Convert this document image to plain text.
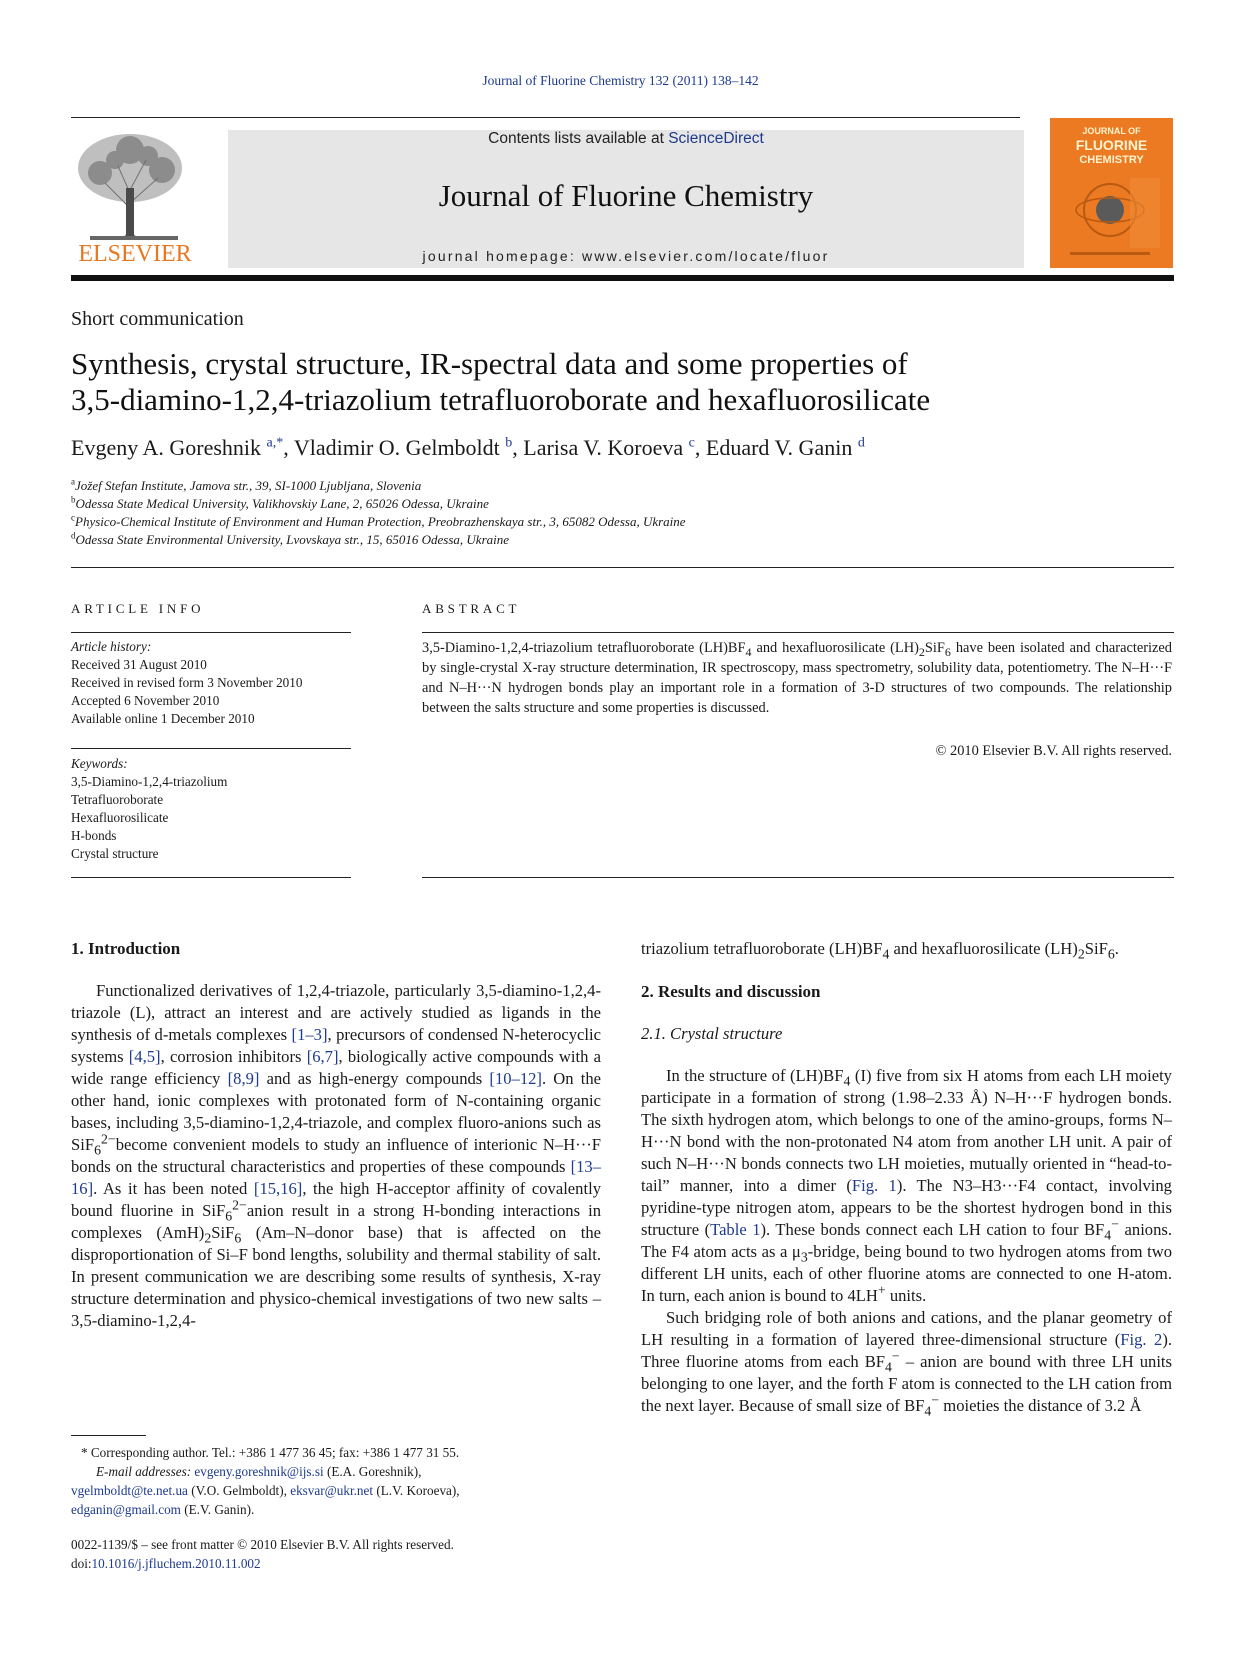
Journal of Fluorine Chemistry 132 (2011) 138–142
ELSEVIER
Contents lists available at ScienceDirect
Journal of Fluorine Chemistry
journal homepage: www.elsevier.com/locate/fluor
JOURNAL OF
FLUORINE
CHEMISTRY
Short communication
Synthesis, crystal structure, IR-spectral data and some properties of
3,5-diamino-1,2,4-triazolium tetrafluoroborate and hexafluorosilicate
Evgeny A. Goreshnik $^{a,*}$, Vladimir O. Gelmboldt $^b$, Larisa V. Koroeva $^c$, Eduard V. Ganin $^d$
$^a$Jožef Stefan Institute, Jamova str., 39, SI-1000 Ljubljana, Slovenia
$^b$Odessa State Medical University, Valikhovskiy Lane, 2, 65026 Odessa, Ukraine
$^c$Physico-Chemical Institute of Environment and Human Protection, Preobrazhenskaya str., 3, 65082 Odessa, Ukraine
$^d$Odessa State Environmental University, Lvovskaya str., 15, 65016 Odessa, Ukraine
ARTICLE INFO
Article history:
Received 31 August 2010
Received in revised form 3 November 2010
Accepted 6 November 2010
Available online 1 December 2010
Keywords:
3,5-Diamino-1,2,4-triazolium
Tetrafluoroborate
Hexafluorosilicate
H-bonds
Crystal structure
ABSTRACT
3,5-Diamino-1,2,4-triazolium tetrafluoroborate $(LH)BF_4$ and hexafluorosilicate $(LH)_2SiF_6$ have been isolated and characterized by single-crystal X-ray structure determination, IR spectroscopy, mass spectrometry, solubility data, potentiometry. The N–H···F and N–H···N hydrogen bonds play an important role in a formation of 3-D structures of two compounds. The relationship between the salts structure and some properties is discussed.
© 2010 Elsevier B.V. All rights reserved.
1. Introduction

Functionalized derivatives of 1,2,4-triazole, particularly 3,5-diamino-1,2,4-triazole (L), attract an interest and are actively studied as ligands in the synthesis of d-metals complexes [1–3], precursors of condensed N-heterocyclic systems [4,5], corrosion inhibitors [6,7], biologically active compounds with a wide range efficiency [8,9] and as high-energy compounds [10–12]. On the other hand, ionic complexes with protonated form of N-containing organic bases, including 3,5-diamino-1,2,4-triazole, and complex fluoro-anions such as SiF$_6^{2-}$become convenient models to study an influence of interionic N–H···F bonds on the structural characteristics and properties of these compounds [13–16]. As it has been noted [15,16], the high H-acceptor affinity of covalently bound fluorine in SiF$_6^{2-}$anion result in a strong H-bonding interactions in complexes $(AmH)_2SiF_6$ (Am–N–donor base) that is affected on the disproportionation of Si–F bond lengths, solubility and thermal stability of salt. In present communication we are describing some results of synthesis, X-ray structure determination and physico-chemical investigations of two new salts – 3,5-diamino-1,2,4-

* Corresponding author. Tel.: +386 1 477 36 45; fax: +386 1 477 31 55.
E-mail addresses: evgeny.goreshnik@ijs.si (E.A. Goreshnik),
vgelmboldt@te.net.ua (V.O. Gelmboldt), eksvar@ukr.net (L.V. Koroeva),
edganin@gmail.com (E.V. Ganin).
0022-1139/$ – see front matter © 2010 Elsevier B.V. All rights reserved.
doi:10.1016/j.jfluchem.2010.11.002
triazolium tetrafluoroborate $(LH)BF_4$ and hexafluorosilicate $(LH)_2SiF_6$.
2. Results and discussion
2.1. Crystal structure

In the structure of $(LH)BF_4$ (I) five from six H atoms from each LH moiety participate in a formation of strong (1.98–2.33 Å) N–H···F hydrogen bonds. The sixth hydrogen atom, which belongs to one of the amino-groups, forms N–H···N bond with the non-protonated N4 atom from another LH unit. A pair of such N–H···N bonds connects two LH moieties, mutually oriented in “head-to-tail” manner, into a dimer (Fig. 1). The N3–H3···F4 contact, involving pyridine-type nitrogen atom, appears to be the shortest hydrogen bond in this structure (Table 1). These bonds connect each LH cation to four $BF_4^-$ anions. The F4 atom acts as a $\mu_3$-bridge, being bound to two hydrogen atoms from two different LH units, each of other fluorine atoms are connected to one H-atom. In turn, each anion is bound to 4LH+ units.

Such bridging role of both anions and cations, and the planar geometry of LH resulting in a formation of layered three-dimensional structure (Fig. 2). Three fluorine atoms from each $BF_4^-$ – anion are bound with three LH units belonging to one layer, and the forth F atom is connected to the LH cation from the next layer. Because of small size of $BF_4^-$ moieties the distance of 3.2 Å
